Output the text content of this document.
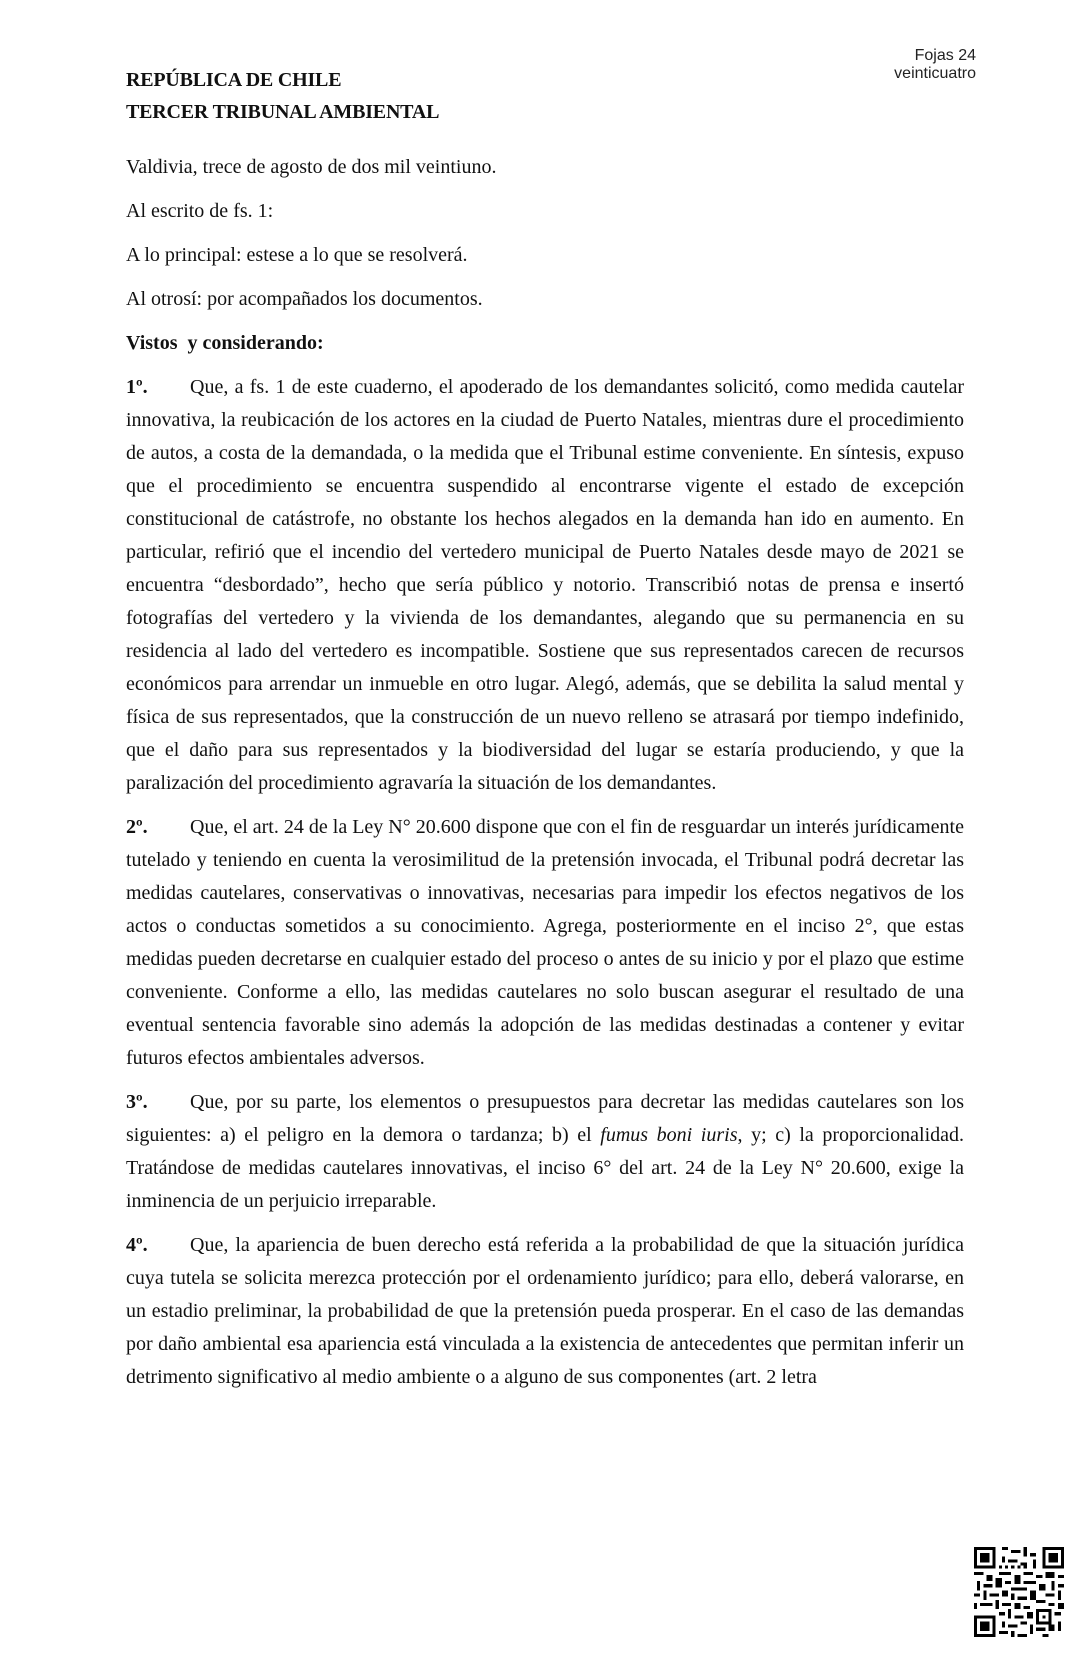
Fojas 24
veinticuatro
REPÚBLICA DE CHILE
TERCER TRIBUNAL AMBIENTAL

Valdivia, trece de agosto de dos mil veintiuno.

Al escrito de fs. 1:

A lo principal: estese a lo que se resolverá.

Al otrosí: por acompañados los documentos.

Vistos  y considerando:

1º. Que, a fs. 1 de este cuaderno, el apoderado de los demandantes solicitó, como medida cautelar innovativa, la reubicación de los actores en la ciudad de Puerto Natales, mientras dure el procedimiento de autos, a costa de la demandada, o la medida que el Tribunal estime conveniente. En síntesis, expuso que el procedimiento se encuentra suspendido al encontrarse vigente el estado de excepción constitucional de catástrofe, no obstante los hechos alegados en la demanda han ido en aumento. En particular, refirió que el incendio del vertedero municipal de Puerto Natales desde mayo de 2021 se encuentra “desbordado”, hecho que sería público y notorio. Transcribió notas de prensa e insertó fotografías del vertedero y la vivienda de los demandantes, alegando que su permanencia en su residencia al lado del vertedero es incompatible. Sostiene que sus representados carecen de recursos económicos para arrendar un inmueble en otro lugar. Alegó, además, que se debilita la salud mental y física de sus representados, que la construcción de un nuevo relleno se atrasará por tiempo indefinido, que el daño para sus representados y la biodiversidad del lugar se estaría produciendo, y que la paralización del procedimiento agravaría la situación de los demandantes.

2º. Que, el art. 24 de la Ley N° 20.600 dispone que con el fin de resguardar un interés jurídicamente tutelado y teniendo en cuenta la verosimilitud de la pretensión invocada, el Tribunal podrá decretar las medidas cautelares, conservativas o innovativas, necesarias para impedir los efectos negativos de los actos o conductas sometidos a su conocimiento. Agrega, posteriormente en el inciso 2°, que estas medidas pueden decretarse en cualquier estado del proceso o antes de su inicio y por el plazo que estime conveniente. Conforme a ello, las medidas cautelares no solo buscan asegurar el resultado de una eventual sentencia favorable sino además la adopción de las medidas destinadas a contener y evitar futuros efectos ambientales adversos.

3º. Que, por su parte, los elementos o presupuestos para decretar las medidas cautelares son los siguientes: a) el peligro en la demora o tardanza; b) el fumus boni iuris, y; c) la proporcionalidad. Tratándose de medidas cautelares innovativas, el inciso 6° del art. 24 de la Ley N° 20.600, exige la inminencia de un perjuicio irreparable.

4º. Que, la apariencia de buen derecho está referida a la probabilidad de que la situación jurídica cuya tutela se solicita merezca protección por el ordenamiento jurídico; para ello, deberá valorarse, en un estadio preliminar, la probabilidad de que la pretensión pueda prosperar. En el caso de las demandas por daño ambiental esa apariencia está vinculada a la existencia de antecedentes que permitan inferir un detrimento significativo al medio ambiente o a alguno de sus componentes (art. 2 letra
